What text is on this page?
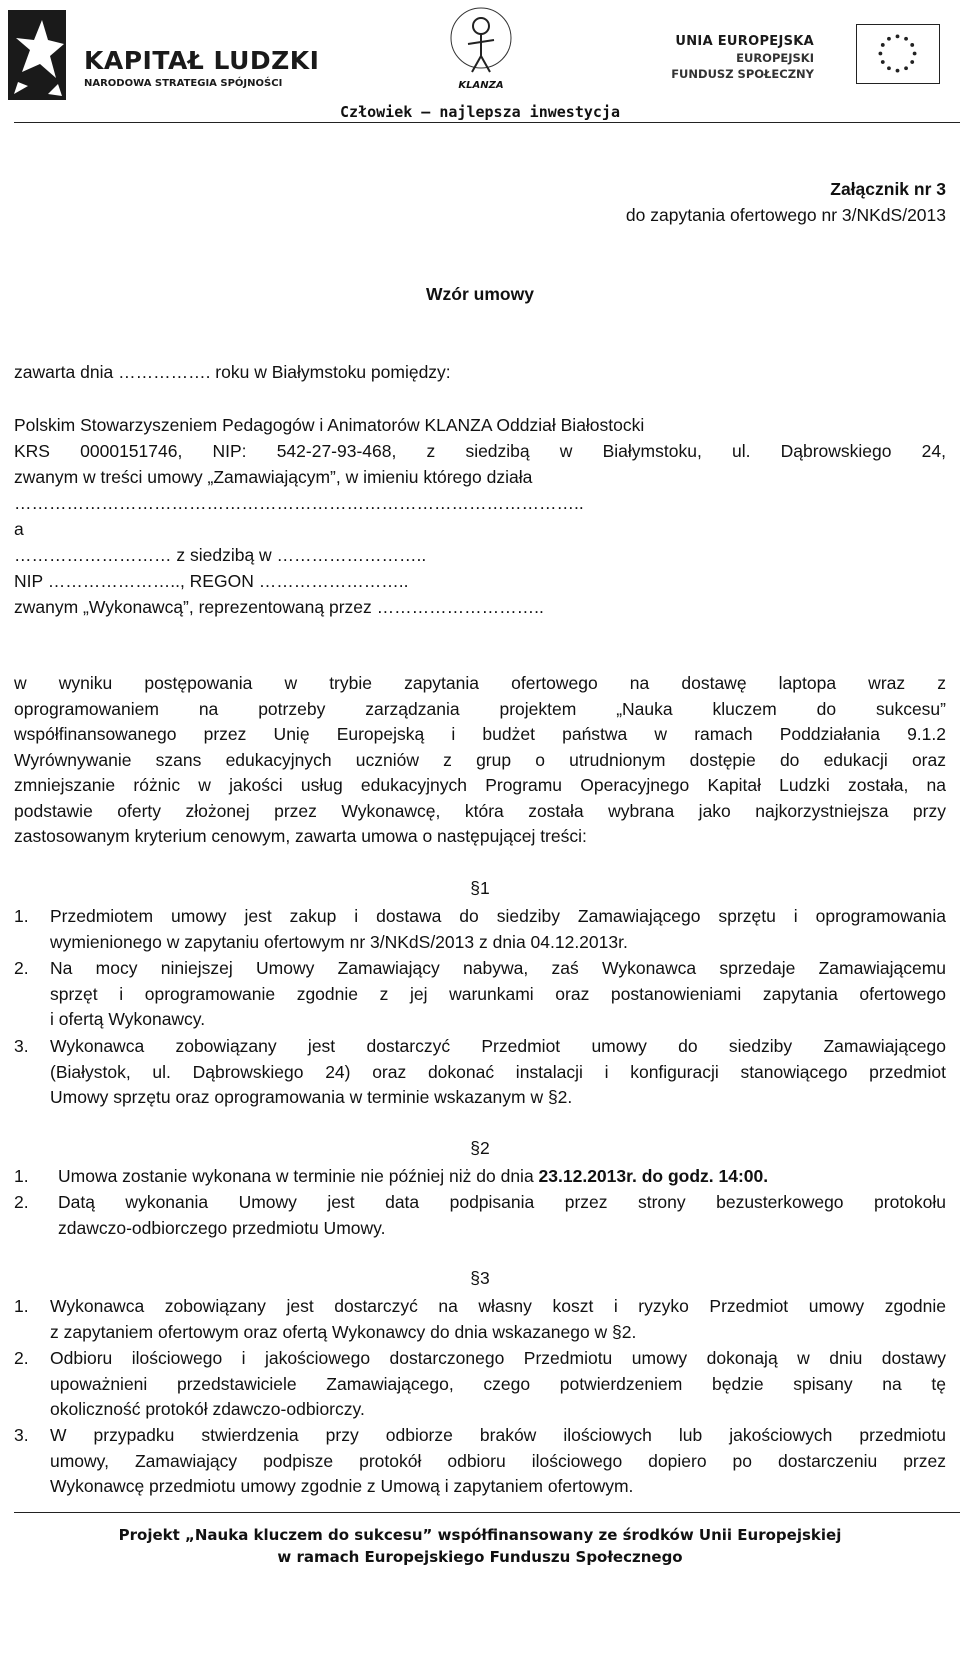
KAPITAŁ LUDZKI
NARODOWA STRATEGIA SPÓJNOŚCI	KLANZA
UNIA EUROPEJSKA
EUROPEJSKI
FUNDUSZ SPOŁECZNY
Człowiek – najlepsza inwestycja
Załącznik nr 3
do zapytania ofertowego nr 3/NKdS/2013
Wzór umowy
zawarta dnia ……………. roku w Białymstoku pomiędzy:
Polskim Stowarzyszeniem Pedagogów i Animatorów KLANZA Oddział Białostocki
KRS 0000151746, NIP: 542-27-93-468, z siedzibą w Białymstoku, ul. Dąbrowskiego 24,
zwanym w treści umowy „Zamawiającym”, w imieniu którego działa
……………………………………………………………………………………..
a
……………………… z siedzibą w ……………………..
NIP ………………….., REGON ……………………..
zwanym „Wykonawcą”, reprezentowaną przez ………………………..
w wyniku postępowania w trybie zapytania ofertowego na dostawę laptopa wraz z
oprogramowaniem na potrzeby zarządzania projektem „Nauka kluczem do sukcesu”
współfinansowanego przez Unię Europejską i budżet państwa w ramach Poddziałania 9.1.2
Wyrównywanie szans edukacyjnych uczniów z grup o utrudnionym dostępie do edukacji oraz
zmniejszanie różnic w jakości usług edukacyjnych Programu Operacyjnego Kapitał Ludzki została, na
podstawie oferty złożonej przez Wykonawcę, która została wybrana jako najkorzystniejsza przy
zastosowanym kryterium cenowym, zawarta umowa o następującej treści:
§1
1. Przedmiotem umowy jest zakup i dostawa do siedziby Zamawiającego sprzętu i oprogramowania
wymienionego w zapytaniu ofertowym nr 3/NKdS/2013 z dnia 04.12.2013r.
2. Na mocy niniejszej Umowy Zamawiający nabywa, zaś Wykonawca sprzedaje Zamawiającemu
sprzęt i oprogramowanie zgodnie z jej warunkami oraz postanowieniami zapytania ofertowego
i ofertą Wykonawcy.
3. Wykonawca zobowiązany jest dostarczyć Przedmiot umowy do siedziby Zamawiającego
(Białystok, ul. Dąbrowskiego 24) oraz dokonać instalacji i konfiguracji stanowiącego przedmiot
Umowy sprzętu oraz oprogramowania w terminie wskazanym w §2.
§2
1. Umowa zostanie wykonana w terminie nie później niż do dnia 23.12.2013r. do godz. 14:00.
2. Datą wykonania Umowy jest data podpisania przez strony bezusterkowego protokołu
zdawczo-odbiorczego przedmiotu Umowy.
§3
1. Wykonawca zobowiązany jest dostarczyć na własny koszt i ryzyko Przedmiot umowy zgodnie
z zapytaniem ofertowym oraz ofertą Wykonawcy do dnia wskazanego w §2.
2. Odbioru ilościowego i jakościowego dostarczonego Przedmiotu umowy dokonają w dniu dostawy
upoważnieni przedstawiciele Zamawiającego, czego potwierdzeniem będzie spisany na tę
okoliczność protokół zdawczo-odbiorczy.
3. W przypadku stwierdzenia przy odbiorze braków ilościowych lub jakościowych przedmiotu
umowy, Zamawiający podpisze protokół odbioru ilościowego dopiero po dostarczeniu przez
Wykonawcę przedmiotu umowy zgodnie z Umową i zapytaniem ofertowym.
Projekt „Nauka kluczem do sukcesu” współfinansowany ze środków Unii Europejskiej
w ramach Europejskiego Funduszu Społecznego
